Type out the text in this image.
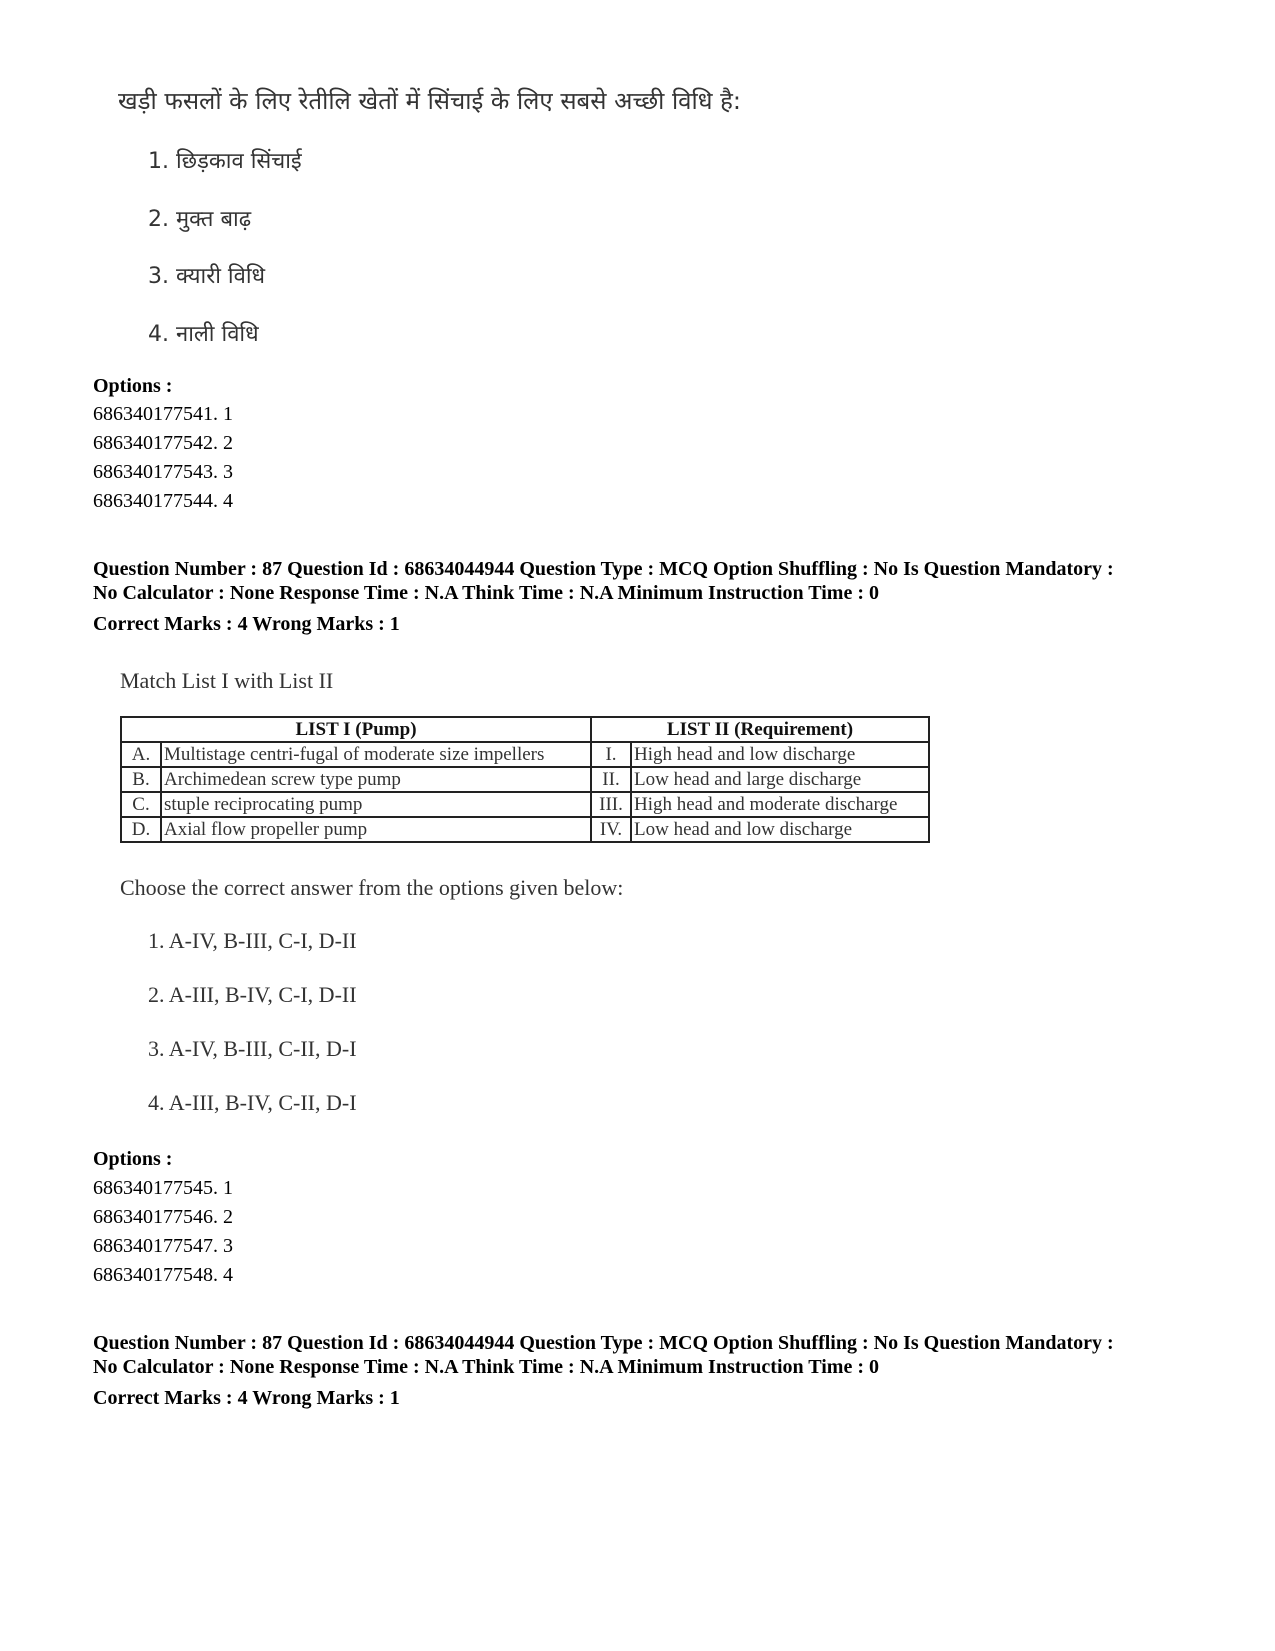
खड़ी फसलों के लिए रेतीलि खेतों में सिंचाई के लिए सबसे अच्छी विधि है:
1. छिड़काव सिंचाई
2. मुक्त बाढ़
3. क्यारी विधि
4. नाली विधि
Options :
686340177541. 1
686340177542. 2
686340177543. 3
686340177544. 4
Question Number : 87 Question Id : 68634044944 Question Type : MCQ Option Shuffling : No Is Question Mandatory :
No Calculator : None Response Time : N.A Think Time : N.A Minimum Instruction Time : 0
Correct Marks : 4 Wrong Marks : 1
Match List I with List II
LIST I (Pump)		LIST II (Requirement)	
A.	Multistage centri-fugal of moderate size impellers	I.	High head and low discharge
B.	Archimedean screw type pump	II.	Low head and large discharge
C.	stuple reciprocating pump	III.	High head and moderate discharge
D.	Axial flow propeller pump	IV.	Low head and low discharge
Choose the correct answer from the options given below:
1. A-IV, B-III, C-I, D-II
2. A-III, B-IV, C-I, D-II
3. A-IV, B-III, C-II, D-I
4. A-III, B-IV, C-II, D-I
Options :
686340177545. 1
686340177546. 2
686340177547. 3
686340177548. 4
Question Number : 87 Question Id : 68634044944 Question Type : MCQ Option Shuffling : No Is Question Mandatory :
No Calculator : None Response Time : N.A Think Time : N.A Minimum Instruction Time : 0
Correct Marks : 4 Wrong Marks : 1
